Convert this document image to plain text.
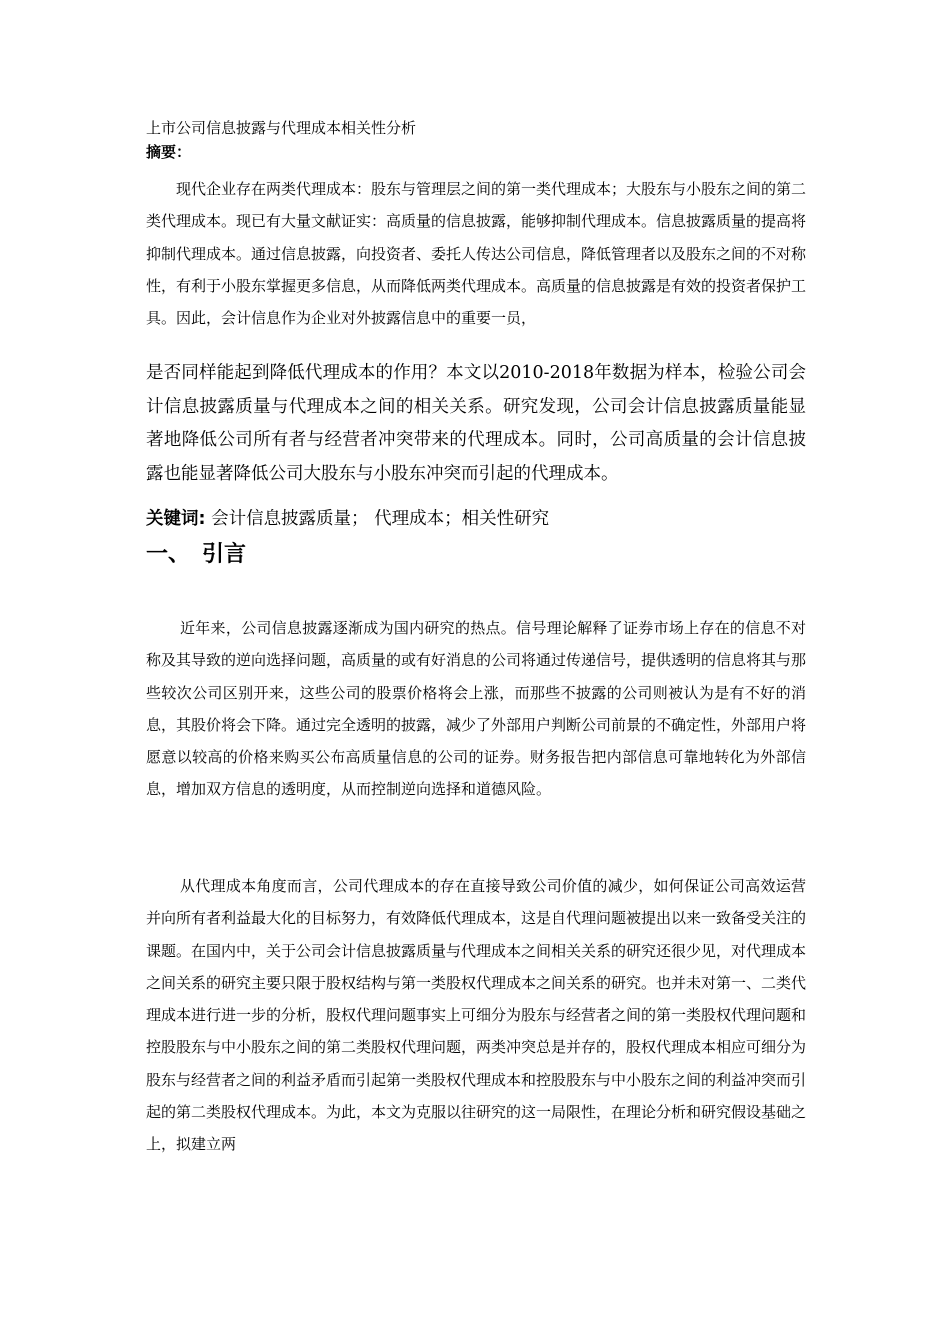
上市公司信息披露与代理成本相关性分析
摘要：
现代企业存在两类代理成本：股东与管理层之间的第一类代理成本；大股东与小股东之间的第二类代理成本。现已有大量文献证实：高质量的信息披露，能够抑制代理成本。信息披露质量的提高将抑制代理成本。通过信息披露，向投资者、委托人传达公司信息，降低管理者以及股东之间的不对称性，有利于小股东掌握更多信息，从而降低两类代理成本。高质量的信息披露是有效的投资者保护工具。因此，会计信息作为企业对外披露信息中的重要一员，
是否同样能起到降低代理成本的作用？本文以2010-2018年数据为样本，检验公司会计信息披露质量与代理成本之间的相关关系。研究发现，公司会计信息披露质量能显著地降低公司所有者与经营者冲突带来的代理成本。同时，公司高质量的会计信息披露也能显著降低公司大股东与小股东冲突而引起的代理成本。
关键词: 会计信息披露质量； 代理成本；相关性研究
一、 引言
近年来，公司信息披露逐渐成为国内研究的热点。信号理论解释了证券市场上存在的信息不对称及其导致的逆向选择问题，高质量的或有好消息的公司将通过传递信号，提供透明的信息将其与那些较次公司区别开来，这些公司的股票价格将会上涨，而那些不披露的公司则被认为是有不好的消息，其股价将会下降。通过完全透明的披露，减少了外部用户判断公司前景的不确定性，外部用户将愿意以较高的价格来购买公布高质量信息的公司的证券。财务报告把内部信息可靠地转化为外部信息，增加双方信息的透明度，从而控制逆向选择和道德风险。
从代理成本角度而言，公司代理成本的存在直接导致公司价值的减少，如何保证公司高效运营并向所有者利益最大化的目标努力，有效降低代理成本，这是自代理问题被提出以来一致备受关注的课题。在国内中，关于公司会计信息披露质量与代理成本之间相关关系的研究还很少见，对代理成本之间关系的研究主要只限于股权结构与第一类股权代理成本之间关系的研究。也并未对第一、二类代理成本进行进一步的分析，股权代理问题事实上可细分为股东与经营者之间的第一类股权代理问题和控股股东与中小股东之间的第二类股权代理问题，两类冲突总是并存的，股权代理成本相应可细分为股东与经营者之间的利益矛盾而引起第一类股权代理成本和控股股东与中小股东之间的利益冲突而引起的第二类股权代理成本。为此，本文为克服以往研究的这一局限性，在理论分析和研究假设基础之上，拟建立两
